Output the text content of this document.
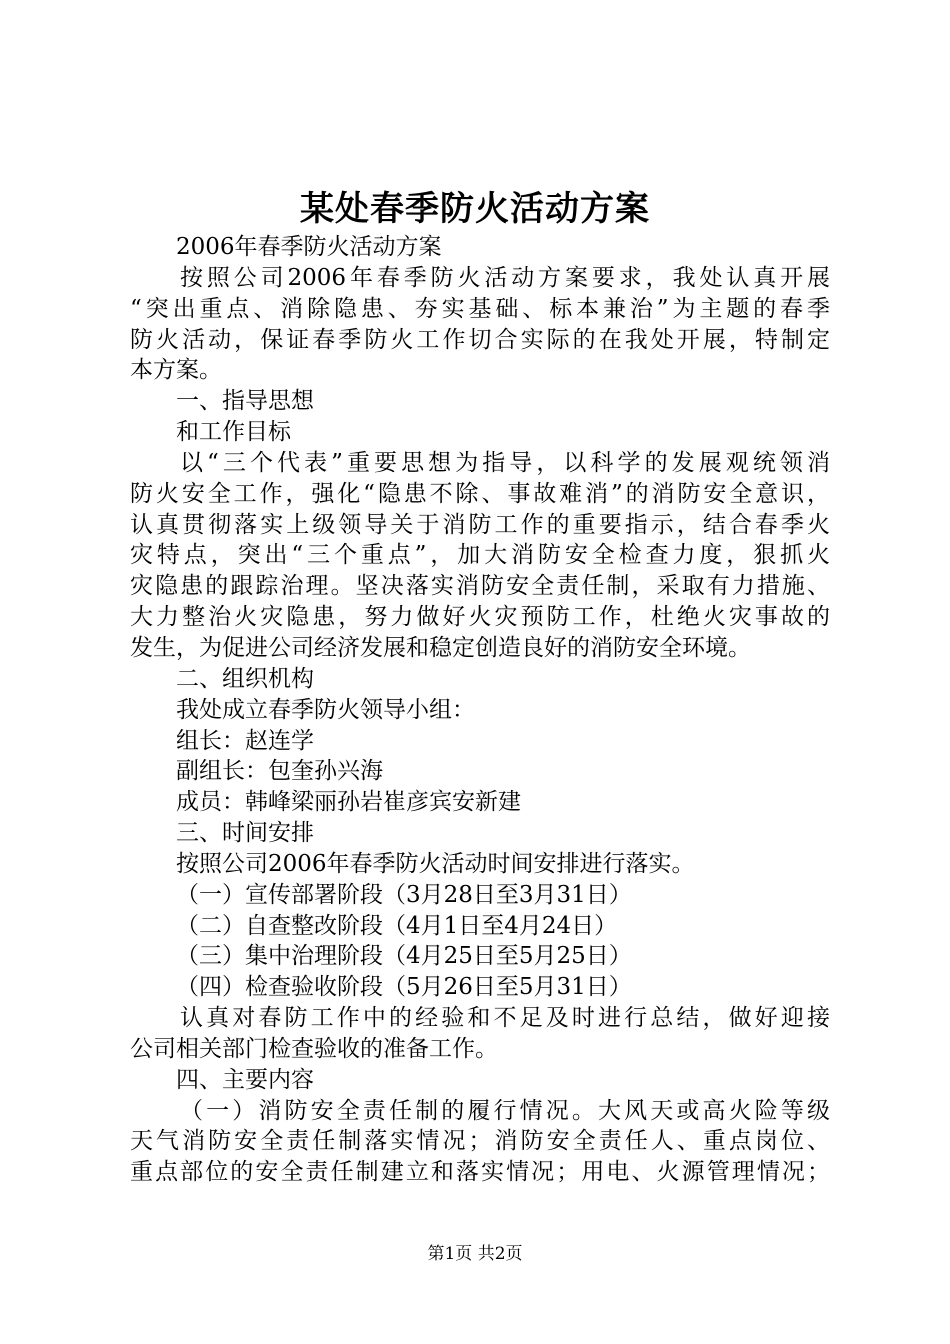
某处春季防火活动方案
2006年春季防火活动方案
按照公司2006年春季防火活动方案要求，我处认真开展
“突出重点、消除隐患、夯实基础、标本兼治”为主题的春季
防火活动，保证春季防火工作切合实际的在我处开展，特制定
本方案。
一、指导思想
和工作目标
以“三个代表”重要思想为指导，以科学的发展观统领消
防火安全工作，强化“隐患不除、事故难消”的消防安全意识，
认真贯彻落实上级领导关于消防工作的重要指示，结合春季火
灾特点，突出“三个重点”，加大消防安全检查力度，狠抓火
灾隐患的跟踪治理。坚决落实消防安全责任制，采取有力措施、
大力整治火灾隐患，努力做好火灾预防工作，杜绝火灾事故的
发生，为促进公司经济发展和稳定创造良好的消防安全环境。
二、组织机构
我处成立春季防火领导小组：
组长：赵连学
副组长：包奎孙兴海
成员：韩峰梁丽孙岩崔彦宾安新建
三、时间安排
按照公司2006年春季防火活动时间安排进行落实。
（一）宣传部署阶段（3月28日至3月31日）
（二）自查整改阶段（4月1日至4月24日）
（三）集中治理阶段（4月25日至5月25日）
（四）检查验收阶段（5月26日至5月31日）
认真对春防工作中的经验和不足及时进行总结，做好迎接
公司相关部门检查验收的准备工作。
四、主要内容
（一）消防安全责任制的履行情况。大风天或高火险等级
天气消防安全责任制落实情况；消防安全责任人、重点岗位、
重点部位的安全责任制建立和落实情况；用电、火源管理情况；
第1页 共2页
